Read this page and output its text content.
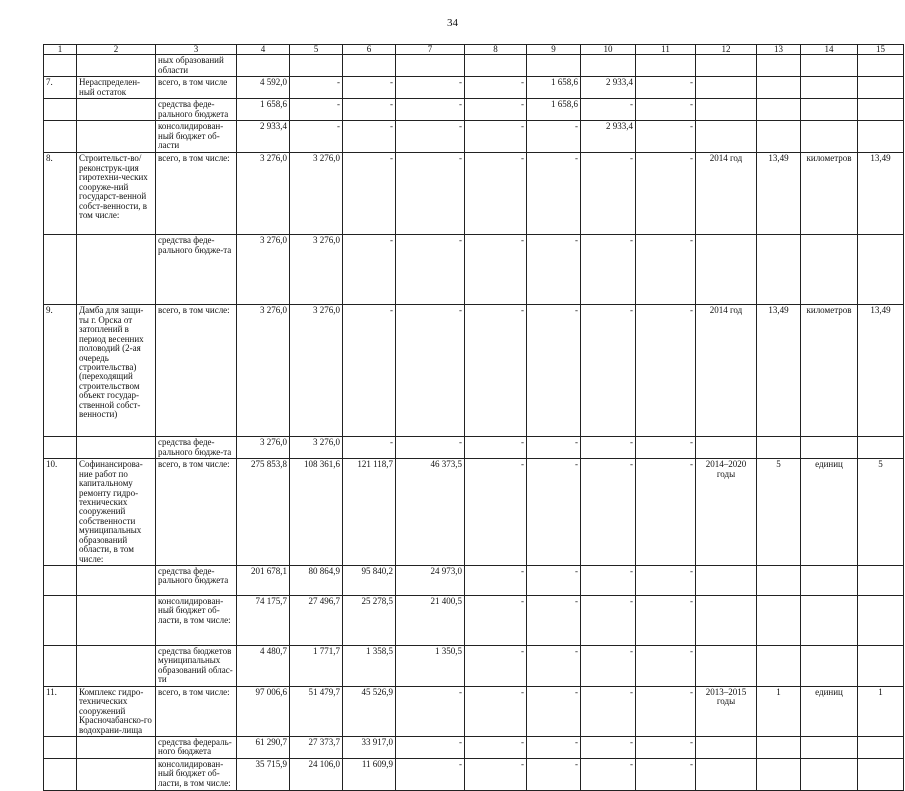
34
1	2	3	4	5	6	7	8	9	10	11	12	13	14	15
		ных образований области												
7.	Нераспределен-ный остаток	всего, в том числе	4 592,0	-	-	-	-	1 658,6	2 933,4	-				
		средства феде-рального бюджета	1 658,6	-	-	-	-	1 658,6	-	-				
		консолидирован-ный бюджет об-ласти	2 933,4	-	-	-	-	-	2 933,4	-				
8.	Строительст-во/реконструк-ция гиротехни-ческих сооруже-ний государст-венной собст-венности, в том числе:	всего, в том числе:	3 276,0	3 276,0	-	-	-	-	-	-	2014 год	13,49	километров	13,49
		средства феде-рального бюдже-та	3 276,0	3 276,0	-	-	-	-	-	-				
9.	Дамба для защи-ты г. Орска от затоплений в период весенних половодий (2-ая очередь строительства) (переходящий строительством объект государ-ственной собст-венности)	всего, в том числе:	3 276,0	3 276,0	-	-	-	-	-	-	2014 год	13,49	километров	13,49
		средства феде-рального бюдже-та	3 276,0	3 276,0	-	-	-	-	-	-				
10.	Софинансирова-ние работ по капитальному ремонту гидро-технических сооружений собственности муниципальных образований области, в том числе:	всего, в том числе:	275 853,8	108 361,6	121 118,7	46 373,5	-	-	-	-	2014–2020 годы	5	единиц	5
		средства феде-рального бюджета	201 678,1	80 864,9	95 840,2	24 973,0	-	-	-	-				
		консолидирован-ный бюджет об-ласти, в том числе:	74 175,7	27 496,7	25 278,5	21 400,5	-	-	-	-				
		средства бюджетов муниципальных образований облас-ти	4 480,7	1 771,7	1 358,5	1 350,5	-	-	-	-				
11.	Комплекс гидро-технических сооружений Красночабанско-го водохрани-лища	всего, в том числе:	97 006,6	51 479,7	45 526,9	-	-	-	-	-	2013–2015 годы	1	единиц	1
		средства федераль-ного бюджета	61 290,7	27 373,7	33 917,0	-	-	-	-	-				
		консолидирован-ный бюджет об-ласти, в том числе:	35 715,9	24 106,0	11 609,9	-	-	-	-	-				
